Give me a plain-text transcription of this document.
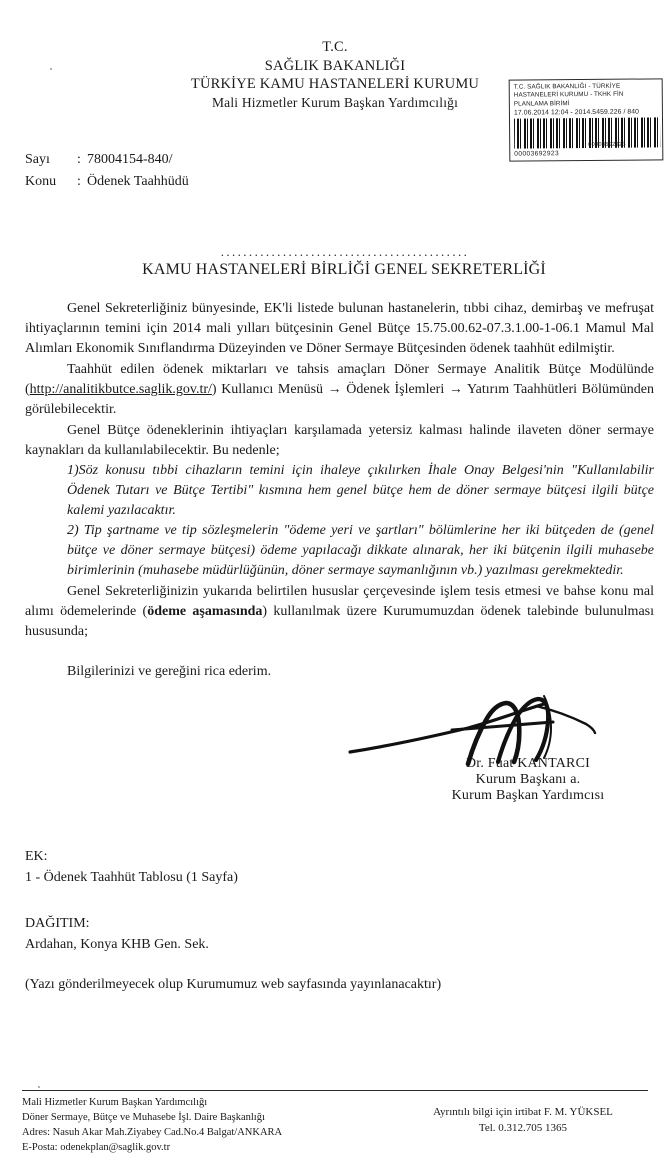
T.C.
SAĞLIK BAKANLIĞI
TÜRKİYE KAMU HASTANELERİ KURUMU
Mali Hizmetler Kurum Başkan Yardımcılığı
T.C. SAĞLIK BAKANLIĞI - TÜRKİYE
HASTANELERİ KURUMU - TKHK FİN
PLANLAMA BİRİMİ
17.06.2014 12:04 - 2014.5459.226 / 840
00003692923
00003692923
Sayı	: 78004154-840/
Konu	: Ödenek Taahhüdü
............................................
KAMU HASTANELERİ BİRLİĞİ GENEL SEKRETERLİĞİ

Genel Sekreterliğiniz bünyesinde, EK'li listede bulunan hastanelerin, tıbbi cihaz, demirbaş ve mefruşat ihtiyaçlarının temini için 2014 mali yılları bütçesinin Genel Bütçe 15.75.00.62-07.3.1.00-1-06.1 Mamul Mal Alımları Ekonomik Sınıflandırma Düzeyinden ve Döner Sermaye Bütçesinden ödenek taahhüt edilmiştir.

Taahhüt edilen ödenek miktarları ve tahsis amaçları Döner Sermaye Analitik Bütçe Modülünde (http://analitikbutce.saglik.gov.tr/) Kullanıcı Menüsü → Ödenek İşlemleri → Yatırım Taahhütleri Bölümünden görülebilecektir.

Genel Bütçe ödeneklerinin ihtiyaçları karşılamada yetersiz kalması halinde ilaveten döner sermaye kaynakları da kullanılabilecektir. Bu nedenle;

1)Söz konusu tıbbi cihazların temini için ihaleye çıkılırken İhale Onay Belgesi'nin "Kullanılabilir Ödenek Tutarı ve Bütçe Tertibi" kısmına hem genel bütçe hem de döner sermaye bütçesi ilgili bütçe kalemi yazılacaktır.

2) Tip şartname ve tip sözleşmelerin "ödeme yeri ve şartları" bölümlerine her iki bütçeden de (genel bütçe ve döner sermaye bütçesi) ödeme yapılacağı dikkate alınarak, her iki bütçenin ilgili muhasebe birimlerinin (muhasebe müdürlüğünün, döner sermaye saymanlığının vb.) yazılması gerekmektedir.

Genel Sekreterliğinizin yukarıda belirtilen hususlar çerçevesinde işlem tesis etmesi ve bahse konu mal alımı ödemelerinde (ödeme aşamasında) kullanılmak üzere Kurumumuzdan ödenek talebinde bulunulması hususunda;

Bilgilerinizi ve gereğini rica ederim.
Dr. Fuat KANTARCI
Kurum Başkanı a.
Kurum Başkan Yardımcısı
EK:
1 - Ödenek Taahhüt Tablosu (1 Sayfa)
DAĞITIM:
Ardahan, Konya KHB Gen. Sek.
(Yazı gönderilmeyecek olup Kurumumuz web sayfasında yayınlanacaktır)
Mali Hizmetler Kurum Başkan Yardımcılığı
Döner Sermaye, Bütçe ve Muhasebe İşl. Daire Başkanlığı
Adres: Nasuh Akar Mah.Ziyabey Cad.No.4 Balgat/ANKARA
E-Posta: odenekplan@saglik.gov.tr
Ayrıntılı bilgi için irtibat F. M. YÜKSEL
Tel. 0.312.705 1365
